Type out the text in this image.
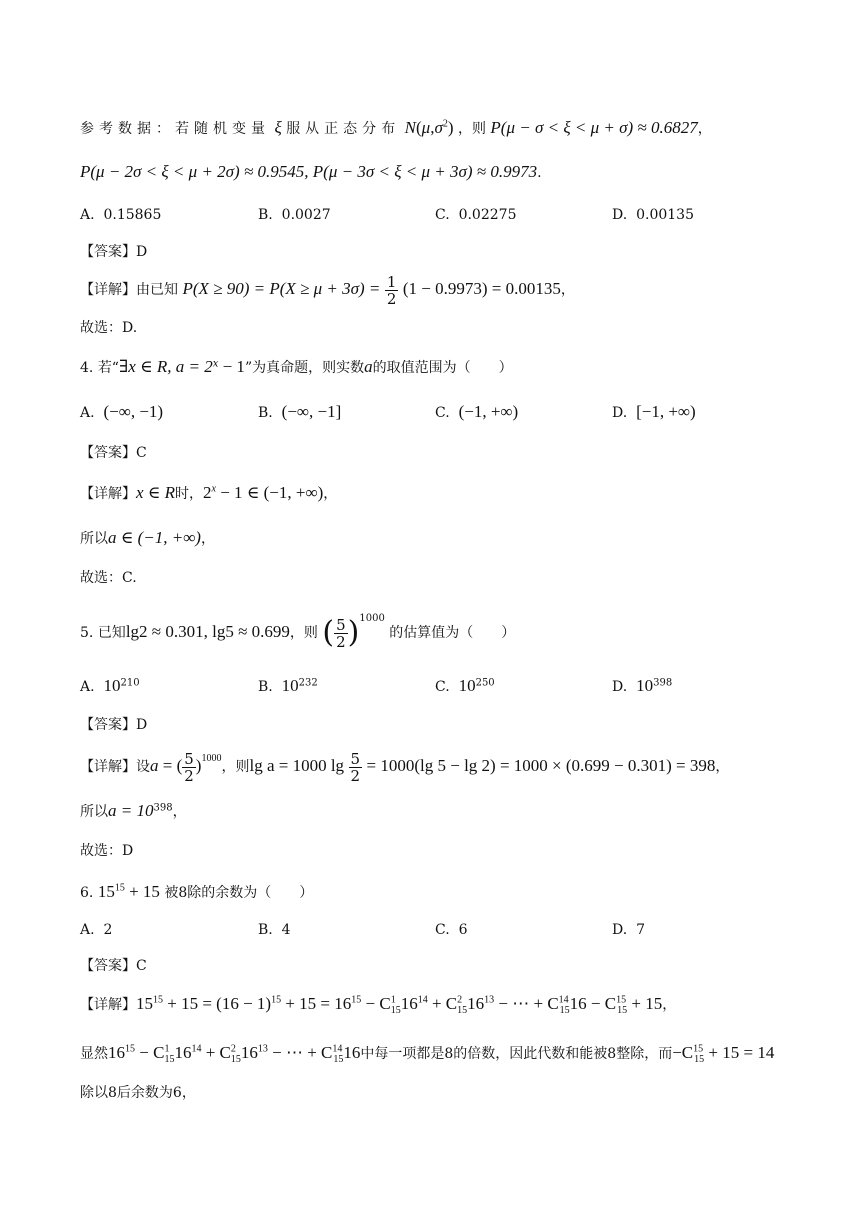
参考数据：若随机变量 ξ 服从正态分布 $N(\mu,\sigma^2)$ ，则 P(μ − σ < ξ < μ + σ) ≈ 0.6827，
P(μ − 2σ < ξ < μ + 2σ) ≈ 0.9545, P(μ − 3σ < ξ < μ + 3σ) ≈ 0.9973.
A. 0.15865	B. 0.0027	C. 0.02275	D. 0.00135
【答案】D
【详解】由已知 $P(X \ge 90) = P(X \ge \mu + 3\sigma) = \frac{1}{2} (1 - 0.9973) = 0.00135$，
故选：D.
4. 若“∃x ∈ R, $a = 2^x - 1$”为真命题，则实数a的取值范围为（　　）
A. (−∞, −1)	B. (−∞, −1]	C. (−1, +∞)	D. [−1, +∞)
【答案】C
【详解】x ∈ R时，$2^x - 1$ ∈ (−1, +∞)，
所以a ∈ (−1, +∞)，
故选：C.
5. 已知lg2 ≈ 0.301, lg5 ≈ 0.699，则 ( $\frac{5}{2} )^{1000}$ 的估算值为（　　）
A. $10^{210}$	B. $10^{232}$	C. $10^{250}$	D. $10^{398}$
【答案】D
【详解】设a = ( $\frac{5}{2} )^{1000}$，则lg a = 1000 $\lg \frac{5}{2} = 1000(\lg$ 5 − lg 2) = 1000 × (0.699 − 0.301) = 398，
所以$a = 10^{398}$，
故选：D
6. $15^{15} + 15$ 被8除的余数为（　　）
A. 2	B. 4	C. 6	D. 7
【答案】C
【详解】$15^{15} + 15 = (16 - 1)^{15} + 15 = 16^{15} - C^1_{15}16^{14} + C^2_{15}16^{13}$ − ⋯ + $C^{14}_{15}16 - C^{15}_{15} + 15$，
显然$16^{15} - C^1_{15}16^{14} + C^2_{15}16^{13}$ − ⋯ + $C^{14}_{15}16$中每一项都是8的倍数，因此代数和能被8整除，而$-C^{15}_{15} + 15 = 14$
除以8后余数为6，
